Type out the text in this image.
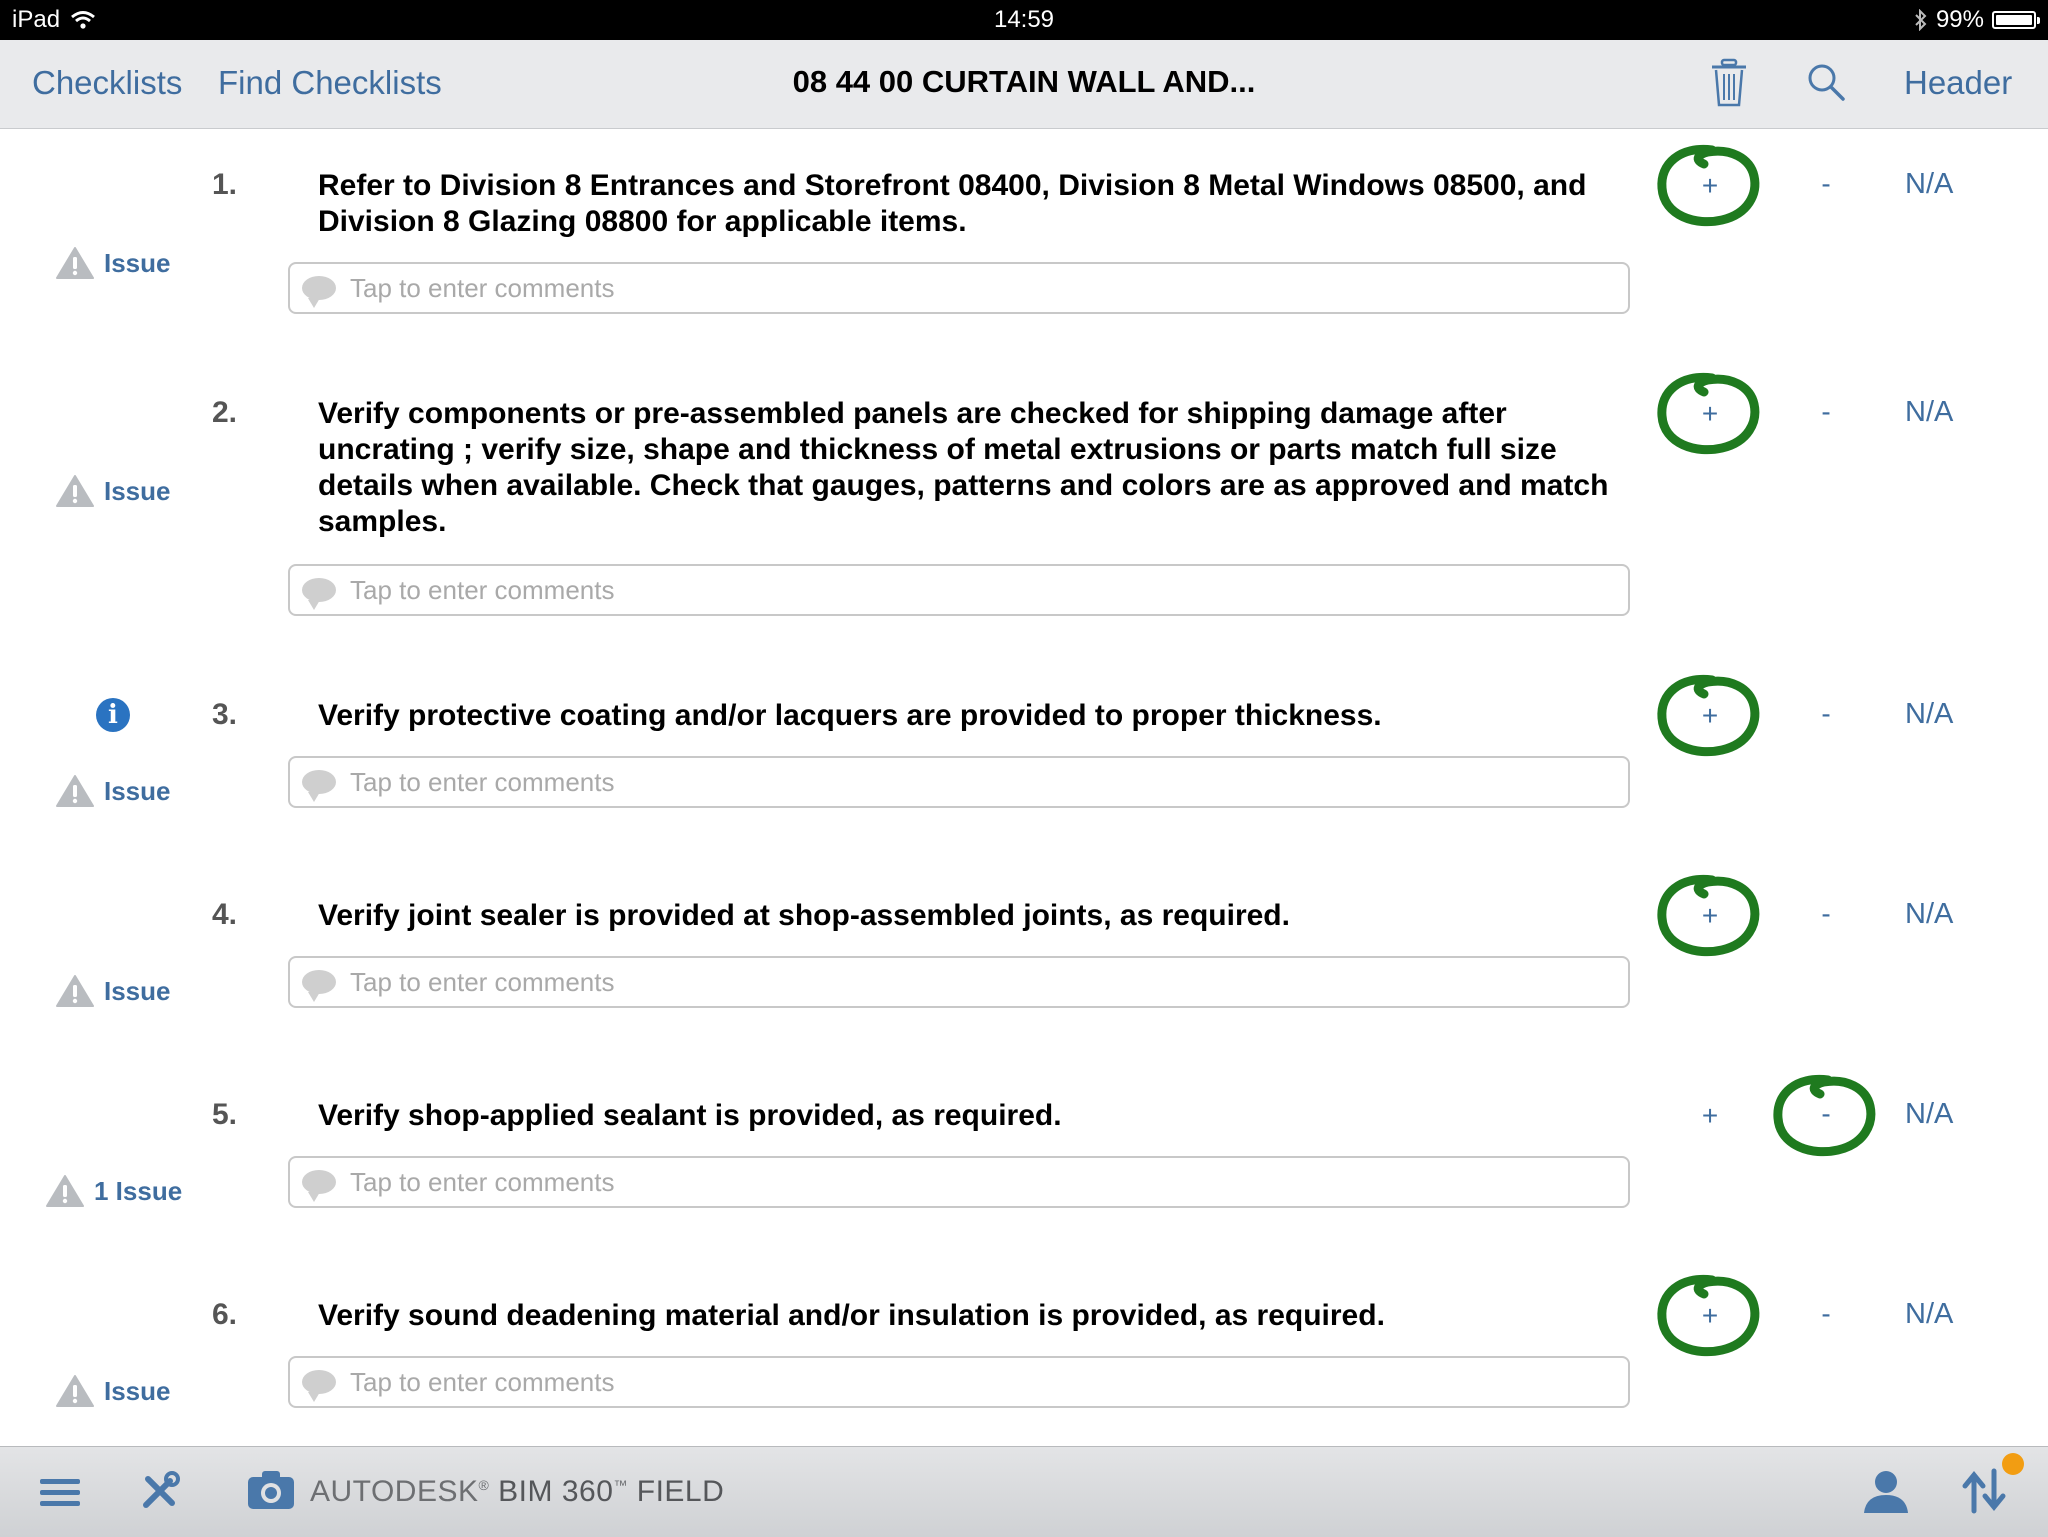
iPad	14:59	99%
Checklists Find Checklists	08 44 00 CURTAIN WALL AND...	Header
Issue
1.	Refer to Division 8 Entrances and Storefront 08400, Division 8 Metal Windows 08500, and Division 8 Glazing 08800 for applicable items.
Tap to enter comments
+	-	N/A
Issue
2.	Verify components or pre-assembled panels are checked for shipping damage after uncrating ; verify size, shape and thickness of metal extrusions or parts match full size details when available. Check that gauges, patterns and colors are as approved and match samples.
Tap to enter comments
+	-	N/A
i
Issue
3.	Verify protective coating and/or lacquers are provided to proper thickness.
Tap to enter comments
+	-	N/A
Issue
4.	Verify joint sealer is provided at shop-assembled joints, as required.
Tap to enter comments
+	-	N/A
1 Issue
5.	Verify shop-applied sealant is provided, as required.
Tap to enter comments
+	-	N/A
Issue
6.	Verify sound deadening material and/or insulation is provided, as required.
Tap to enter comments
+	-	N/A
AUTODESK® BIM 360™ FIELD
